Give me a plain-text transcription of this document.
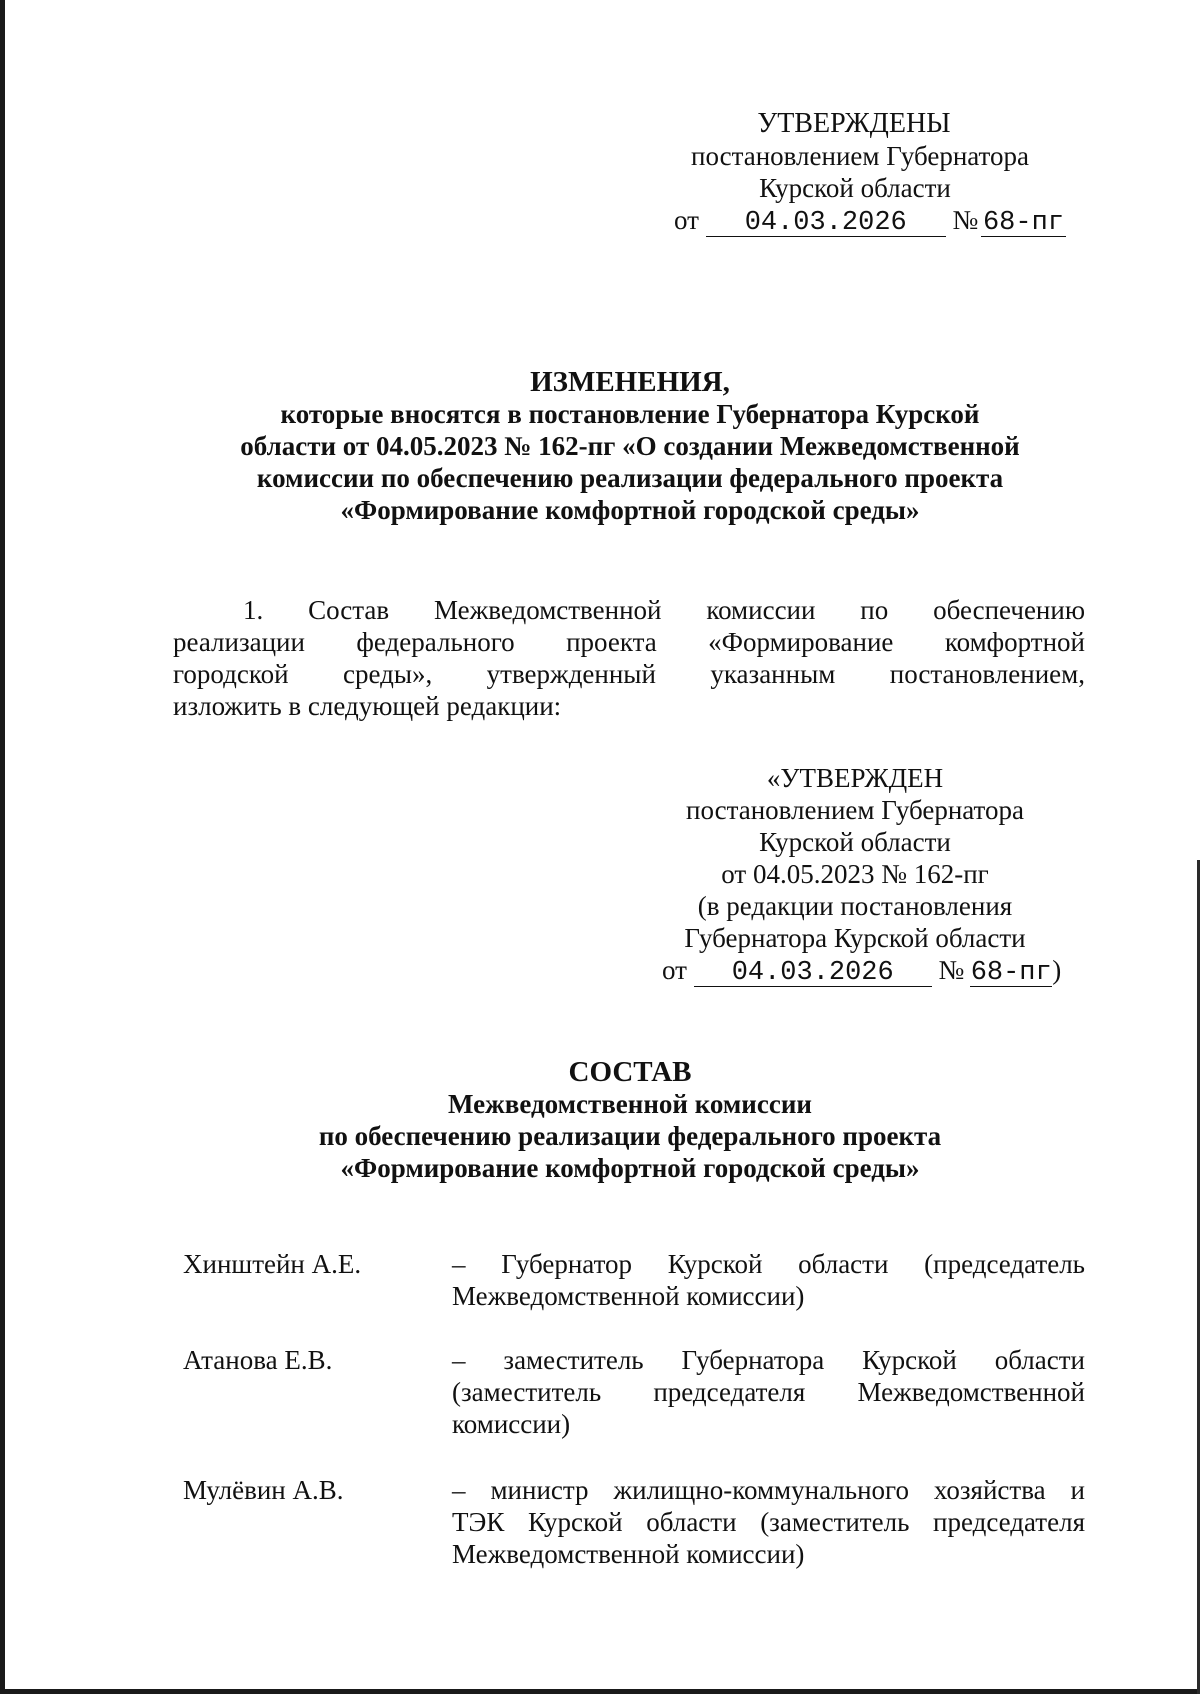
УТВЕРЖДЕНЫ
постановлением Губернатора
Курской области
от 04.03.2026 № 68-пг
ИЗМЕНЕНИЯ,
которые вносятся в постановление Губернатора Курской
области от 04.05.2023 № 162-пг «О создании Межведомственной
комиссии по обеспечению реализации федерального проекта
«Формирование комфортной городской среды»
1. Состав Межведомственной комиссии по обеспечению
реализации федерального проекта «Формирование комфортной
городской среды», утвержденный указанным постановлением,
изложить в следующей редакции:
«УТВЕРЖДЕН
постановлением Губернатора
Курской области
от 04.05.2023 № 162-пг
(в редакции постановления
Губернатора Курской области
от 04.03.2026 № 68-пг)
СОСТАВ
Межведомственной комиссии
по обеспечению реализации федерального проекта
«Формирование комфортной городской среды»
Хинштейн А.Е.	– Губернатор Курской области (председатель
Межведомственной комиссии)
Атанова Е.В.	– заместитель Губернатора Курской области
(заместитель председателя Межведомственной
комиссии)
Мулёвин А.В.	– министр жилищно-коммунального хозяйства и
ТЭК Курской области (заместитель председателя
Межведомственной комиссии)
